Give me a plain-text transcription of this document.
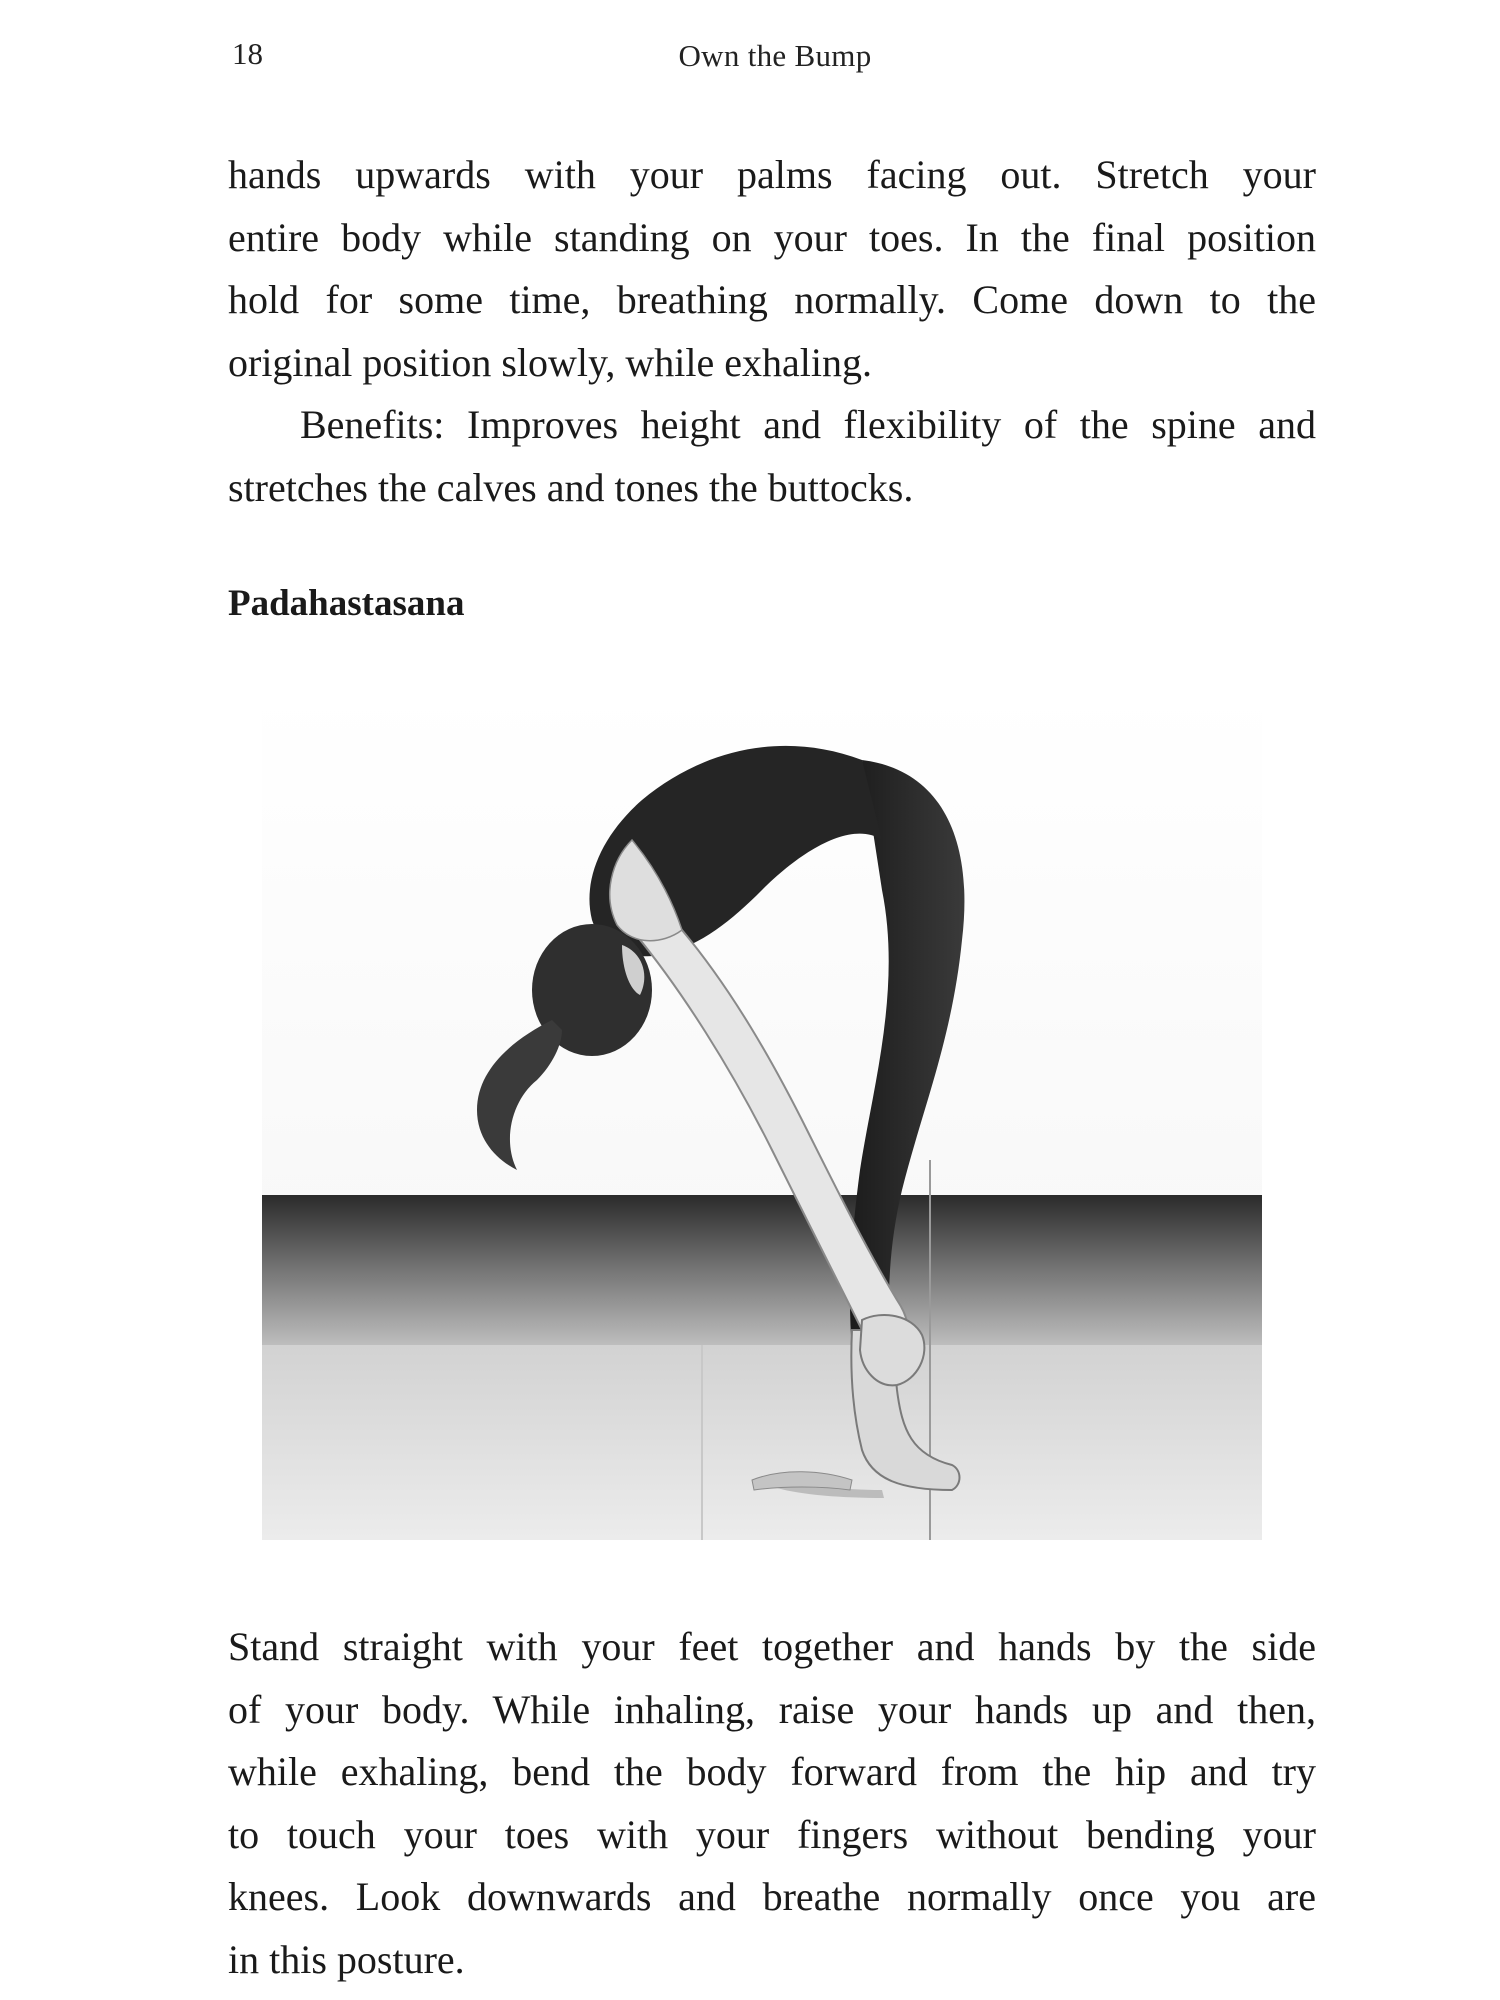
18	Own the Bump

hands upwards with your palms facing out. Stretch your
entire body while standing on your toes. In the final position
hold for some time, breathing normally. Come down to the
original position slowly, while exhaling.

Benefits: Improves height and flexibility of the spine and
stretches the calves and tones the buttocks.

Padahastasana

Stand straight with your feet together and hands by the side
of your body. While inhaling, raise your hands up and then,
while exhaling, bend the body forward from the hip and try
to touch your toes with your fingers without bending your
knees. Look downwards and breathe normally once you are
in this posture.
